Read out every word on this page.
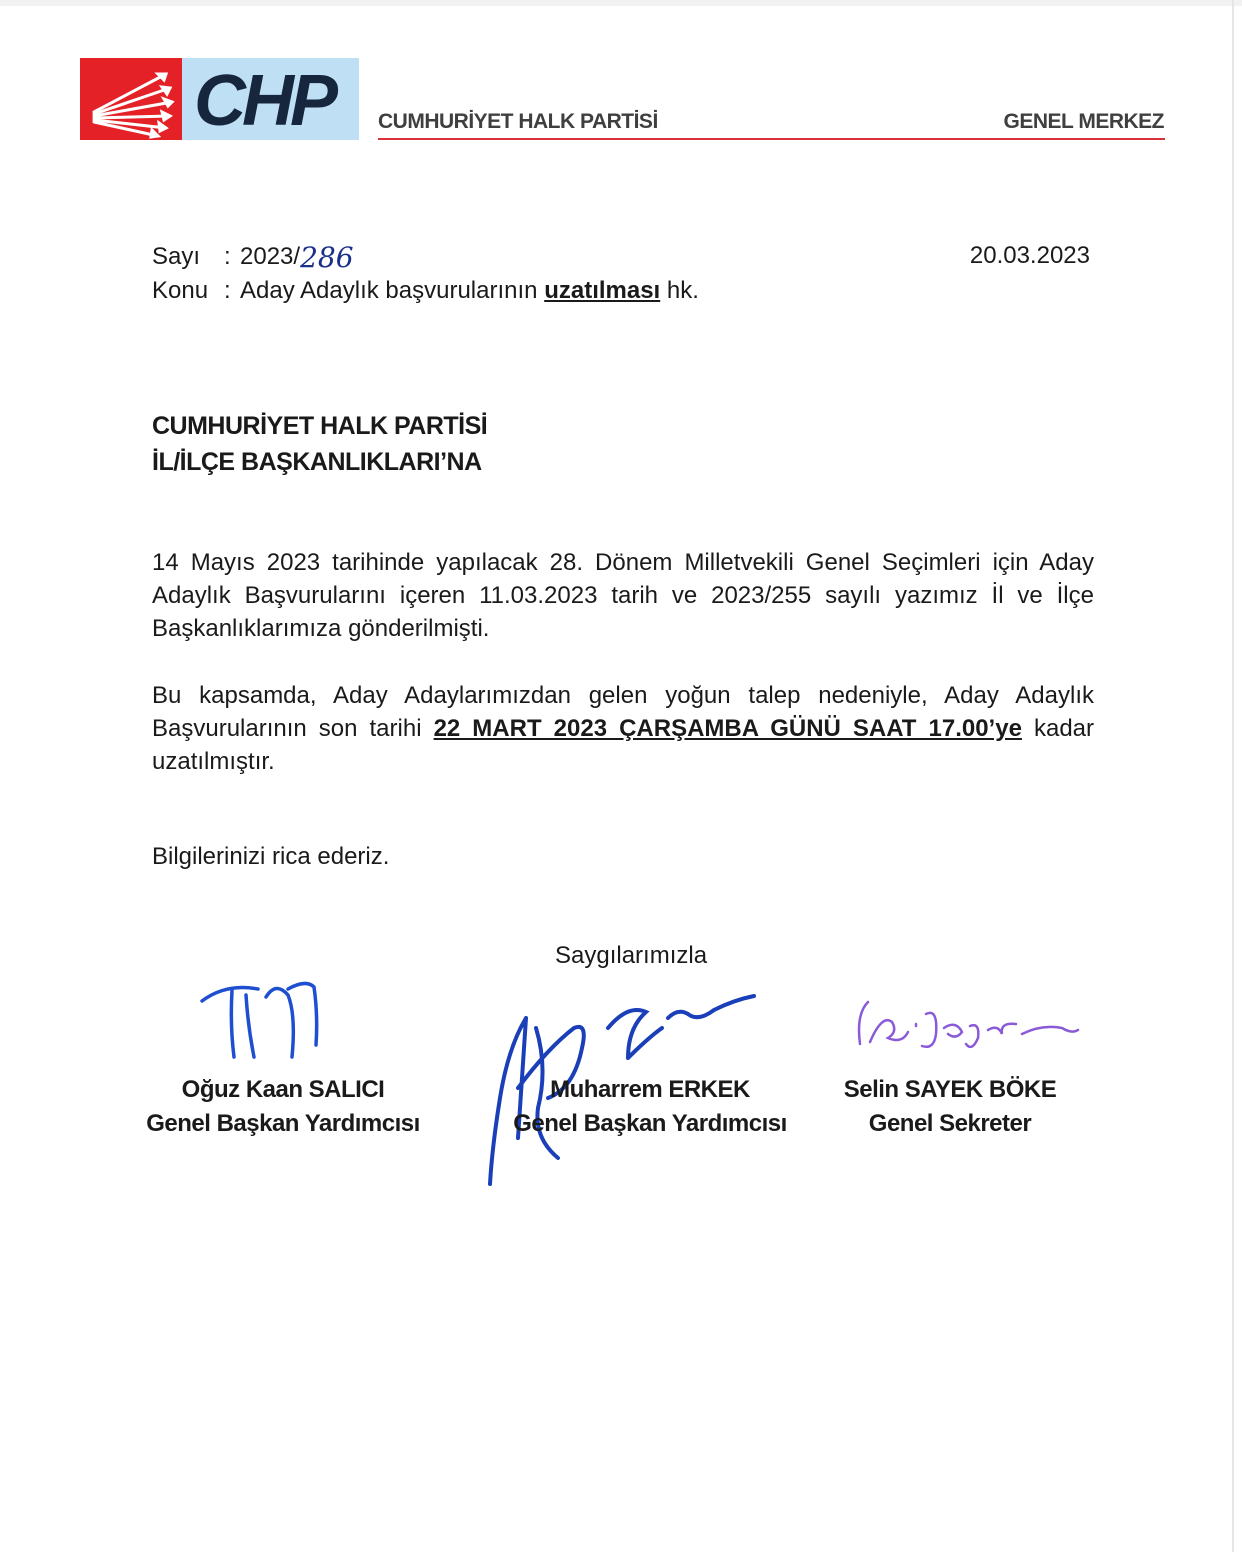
CHP CUMHURİYET HALK PARTİSİ	GENEL MERKEZ
Sayı : 2023/ 286
Konu : Aday Adaylık başvurularının
uzatılması
hk.
20.03.2023
CUMHURİYET HALK PARTİSİ
İL/İLÇE BAŞKANLIKLARI’NA
14 Mayıs 2023 tarihinde yapılacak 28. Dönem Milletvekili Genel Seçimleri için Aday Adaylık Başvurularını içeren 11.03.2023 tarih ve 2023/255 sayılı yazımız İl ve İlçe Başkanlıklarımıza gönderilmişti.
Bu kapsamda, Aday Adaylarımızdan gelen yoğun talep nedeniyle, Aday Adaylık Başvurularının son tarihi 22 MART 2023 ÇARŞAMBA GÜNÜ SAAT 17.00’ye kadar uzatılmıştır.
Bilgilerinizi rica ederiz.
Saygılarımızla
Oğuz Kaan SALICI
Genel Başkan Yardımcısı
Muharrem ERKEK
Genel Başkan Yardımcısı
Selin SAYEK BÖKE
Genel Sekreter
